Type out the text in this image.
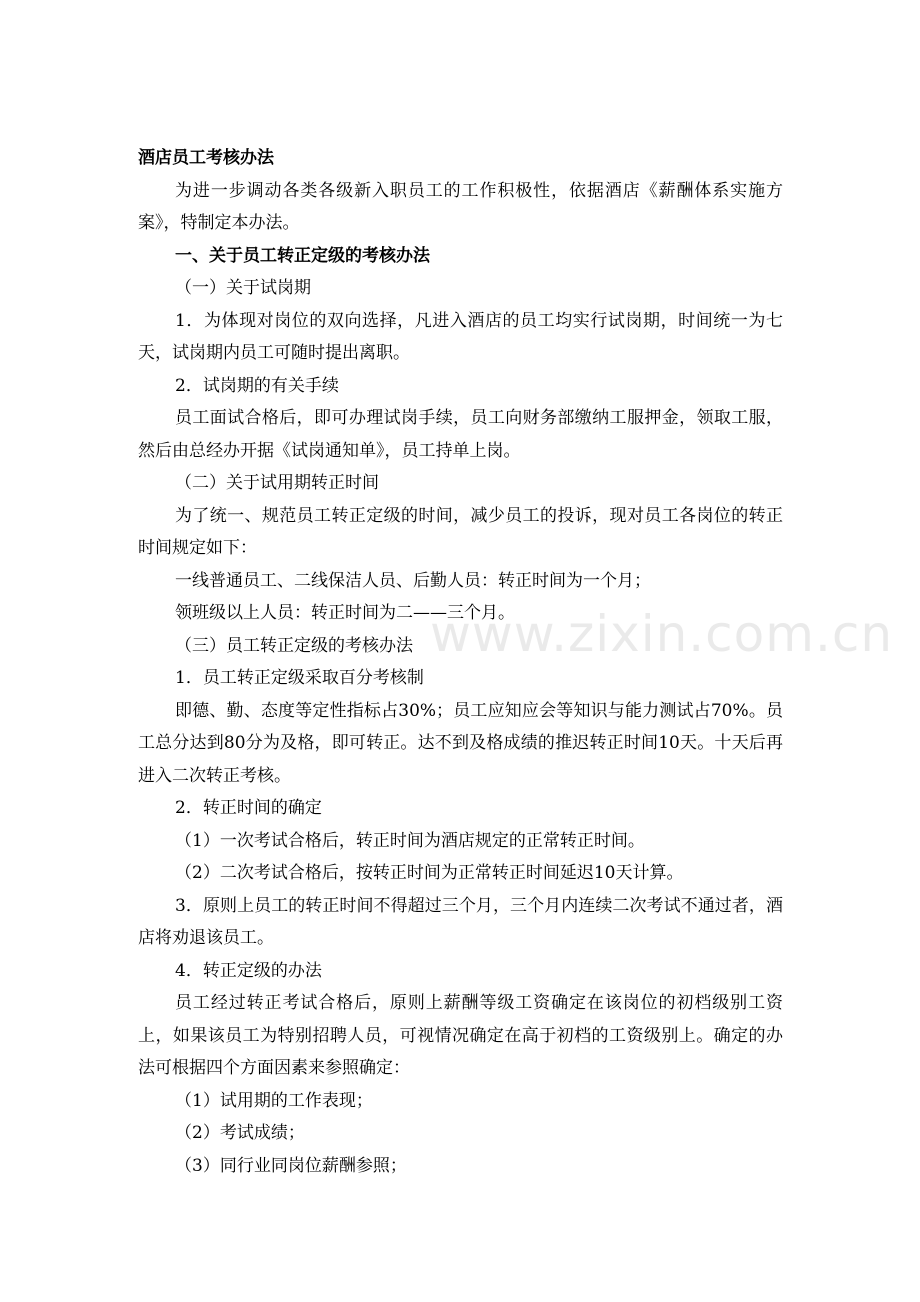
酒店员工考核办法

为进一步调动各类各级新入职员工的工作积极性，依据酒店《薪酬体系实施方案》，特制定本办法。

一、关于员工转正定级的考核办法

（一）关于试岗期

1．为体现对岗位的双向选择，凡进入酒店的员工均实行试岗期，时间统一为七天，试岗期内员工可随时提出离职。

2．试岗期的有关手续

员工面试合格后，即可办理试岗手续，员工向财务部缴纳工服押金，领取工服，然后由总经办开据《试岗通知单》，员工持单上岗。

（二）关于试用期转正时间

为了统一、规范员工转正定级的时间，减少员工的投诉，现对员工各岗位的转正时间规定如下：

一线普通员工、二线保洁人员、后勤人员：转正时间为一个月；

领班级以上人员：转正时间为二——三个月。

（三）员工转正定级的考核办法

1．员工转正定级采取百分考核制

即德、勤、态度等定性指标占30%；员工应知应会等知识与能力测试占70%。员工总分达到80分为及格，即可转正。达不到及格成绩的推迟转正时间10天。十天后再进入二次转正考核。

2．转正时间的确定

（1）一次考试合格后，转正时间为酒店规定的正常转正时间。

（2）二次考试合格后，按转正时间为正常转正时间延迟10天计算。

3．原则上员工的转正时间不得超过三个月，三个月内连续二次考试不通过者，酒店将劝退该员工。

4．转正定级的办法

员工经过转正考试合格后，原则上薪酬等级工资确定在该岗位的初档级别工资上，如果该员工为特别招聘人员，可视情况确定在高于初档的工资级别上。确定的办法可根据四个方面因素来参照确定：

（1）试用期的工作表现；

（2）考试成绩；

（3）同行业同岗位薪酬参照；

www.zixin.com.cn
